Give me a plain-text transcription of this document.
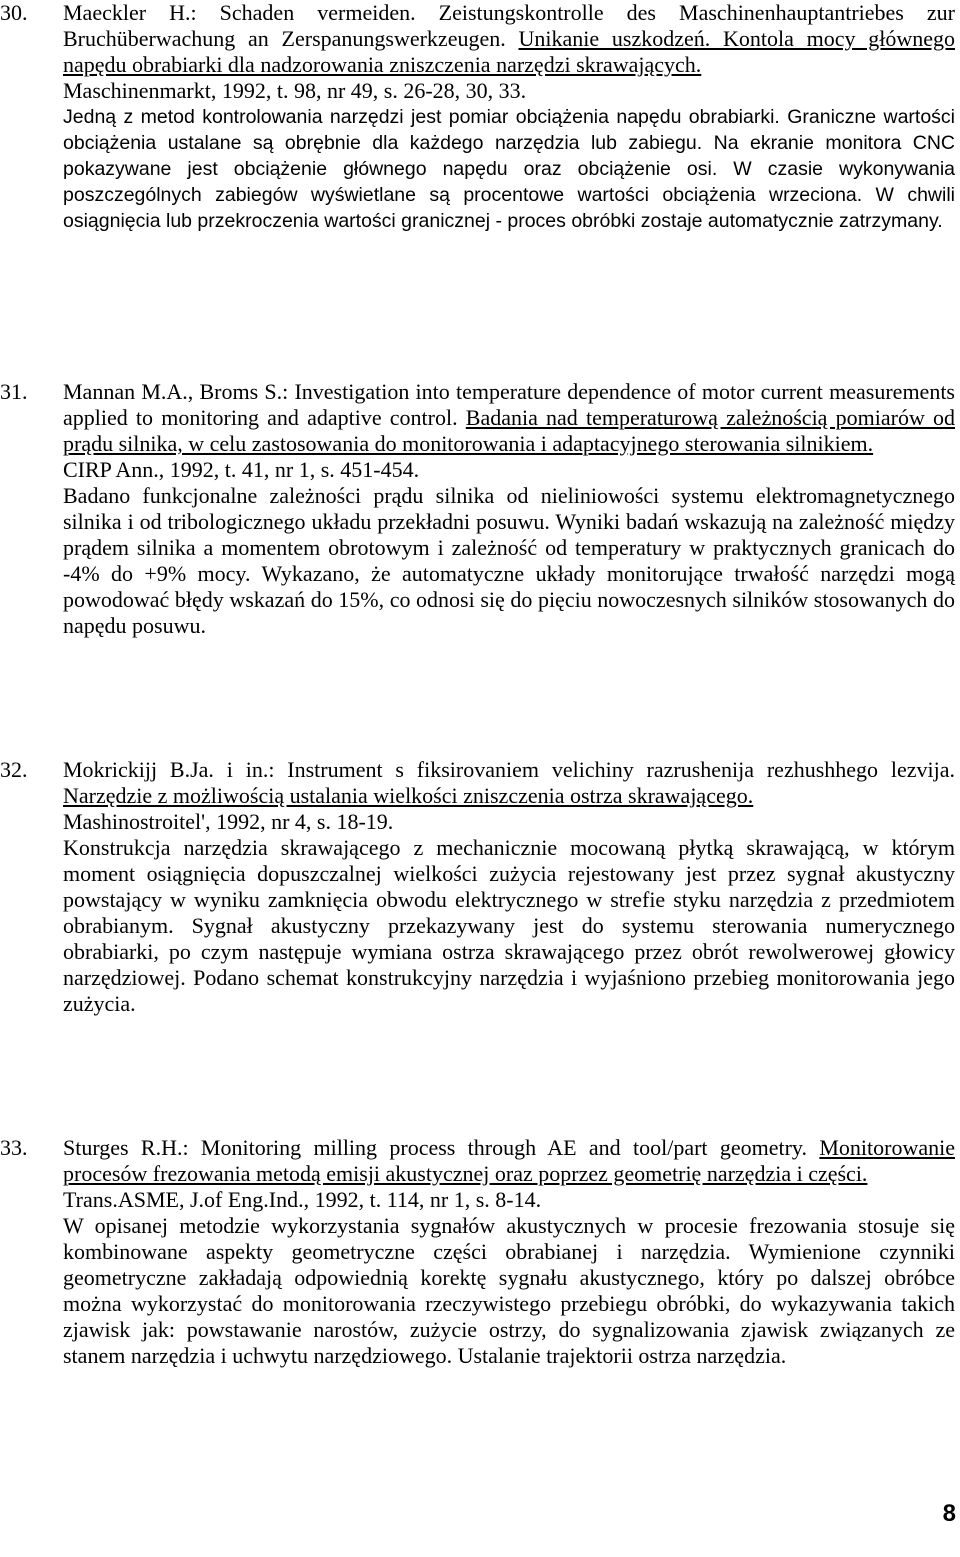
30. Maeckler H.: Schaden vermeiden. Zeistungskontrolle des Maschinenhauptantriebes zur Bruchüberwachung an Zerspanungswerkzeugen. Unikanie uszkodzeń. Kontola mocy głównego napędu obrabiarki dla nadzorowania zniszczenia narzędzi skrawających.

Maschinenmarkt, 1992, t. 98, nr 49, s. 26-28, 30, 33.

Jedną z metod kontrolowania narzędzi jest pomiar obciążenia napędu obrabiarki. Graniczne wartości obciążenia ustalane są obrębnie dla każdego narzędzia lub zabiegu. Na ekranie monitora CNC pokazywane jest obciążenie głównego napędu oraz obciążenie osi. W czasie wykonywania poszczególnych zabiegów wyświetlane są procentowe wartości obciążenia wrzeciona. W chwili osiągnięcia lub przekroczenia wartości granicznej - proces obróbki zostaje automatycznie zatrzymany.

31. Mannan M.A., Broms S.: Investigation into temperature dependence of motor current measurements applied to monitoring and adaptive control. Badania nad temperaturową zależnością pomiarów od prądu silnika, w celu zastosowania do monitorowania i adaptacyjnego sterowania silnikiem.

CIRP Ann., 1992, t. 41, nr 1, s. 451-454.

Badano funkcjonalne zależności prądu silnika od nieliniowości systemu elektromagnetycznego silnika i od tribologicznego układu przekładni posuwu. Wyniki badań wskazują na zależność między prądem silnika a momentem obrotowym i zależność od temperatury w praktycznych granicach do -4% do +9% mocy. Wykazano, że automatyczne układy monitorujące trwałość narzędzi mogą powodować błędy wskazań do 15%, co odnosi się do pięciu nowoczesnych silników stosowanych do napędu posuwu.

32. Mokrickijj B.Ja. i in.: Instrument s fiksirovaniem velichiny razrushenija rezhushhego lezvija. Narzędzie z możliwością ustalania wielkości zniszczenia ostrza skrawającego.

Mashinostroitel', 1992, nr 4, s. 18-19.

Konstrukcja narzędzia skrawającego z mechanicznie mocowaną płytką skrawającą, w którym moment osiągnięcia dopuszczalnej wielkości zużycia rejestowany jest przez sygnał akustyczny powstający w wyniku zamknięcia obwodu elektrycznego w strefie styku narzędzia z przedmiotem obrabianym. Sygnał akustyczny przekazywany jest do systemu sterowania numerycznego obrabiarki, po czym następuje wymiana ostrza skrawającego przez obrót rewolwerowej głowicy narzędziowej. Podano schemat konstrukcyjny narzędzia i wyjaśniono przebieg monitorowania jego zużycia.

33. Sturges R.H.: Monitoring milling process through AE and tool/part geometry. Monitorowanie procesów frezowania metodą emisji akustycznej oraz poprzez geometrię narzędzia i części.

Trans.ASME, J.of Eng.Ind., 1992, t. 114, nr 1, s. 8-14.

W opisanej metodzie wykorzystania sygnałów akustycznych w procesie frezowania stosuje się kombinowane aspekty geometryczne części obrabianej i narzędzia. Wymienione czynniki geometryczne zakładają odpowiednią korektę sygnału akustycznego, który po dalszej obróbce można wykorzystać do monitorowania rzeczywistego przebiegu obróbki, do wykazywania takich zjawisk jak: powstawanie narostów, zużycie ostrzy, do sygnalizowania zjawisk związanych ze stanem narzędzia i uchwytu narzędziowego. Ustalanie trajektorii ostrza narzędzia.

8
